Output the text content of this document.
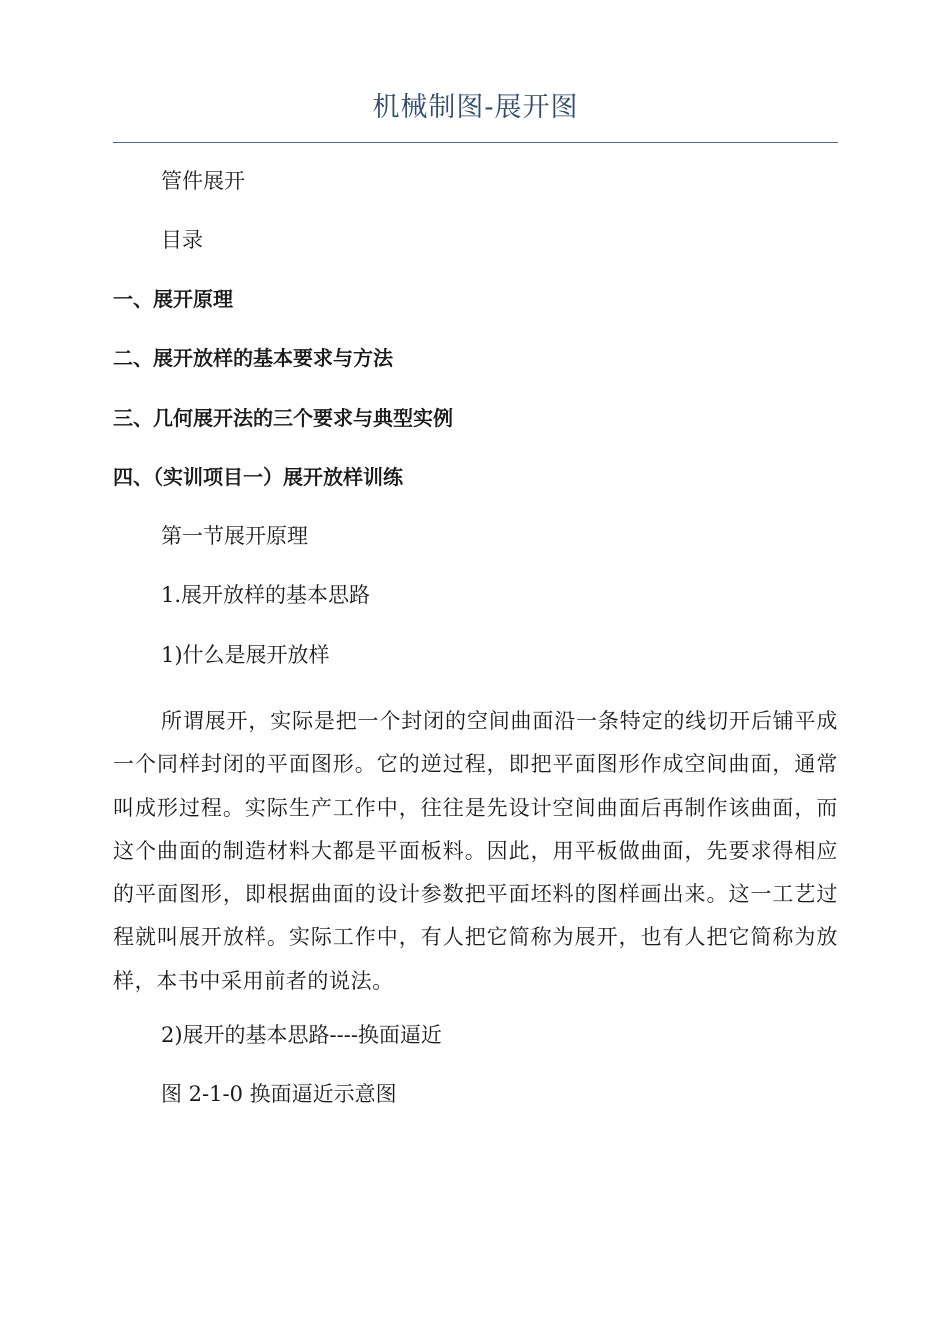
机械制图-展开图
管件展开
目录
一、展开原理
二、展开放样的基本要求与方法
三、几何展开法的三个要求与典型实例
四、（实训项目一）展开放样训练
第一节展开原理
1.展开放样的基本思路
1)什么是展开放样
所谓展开，实际是把一个封闭的空间曲面沿一条特定的线切开后铺平成一个同样封闭的平面图形。它的逆过程，即把平面图形作成空间曲面，通常叫成形过程。实际生产工作中，往往是先设计空间曲面后再制作该曲面，而这个曲面的制造材料大都是平面板料。因此，用平板做曲面，先要求得相应的平面图形，即根据曲面的设计参数把平面坯料的图样画出来。这一工艺过程就叫展开放样。实际工作中，有人把它简称为展开，也有人把它简称为放样，本书中采用前者的说法。
2)展开的基本思路----换面逼近
图 2-1-0 换面逼近示意图
